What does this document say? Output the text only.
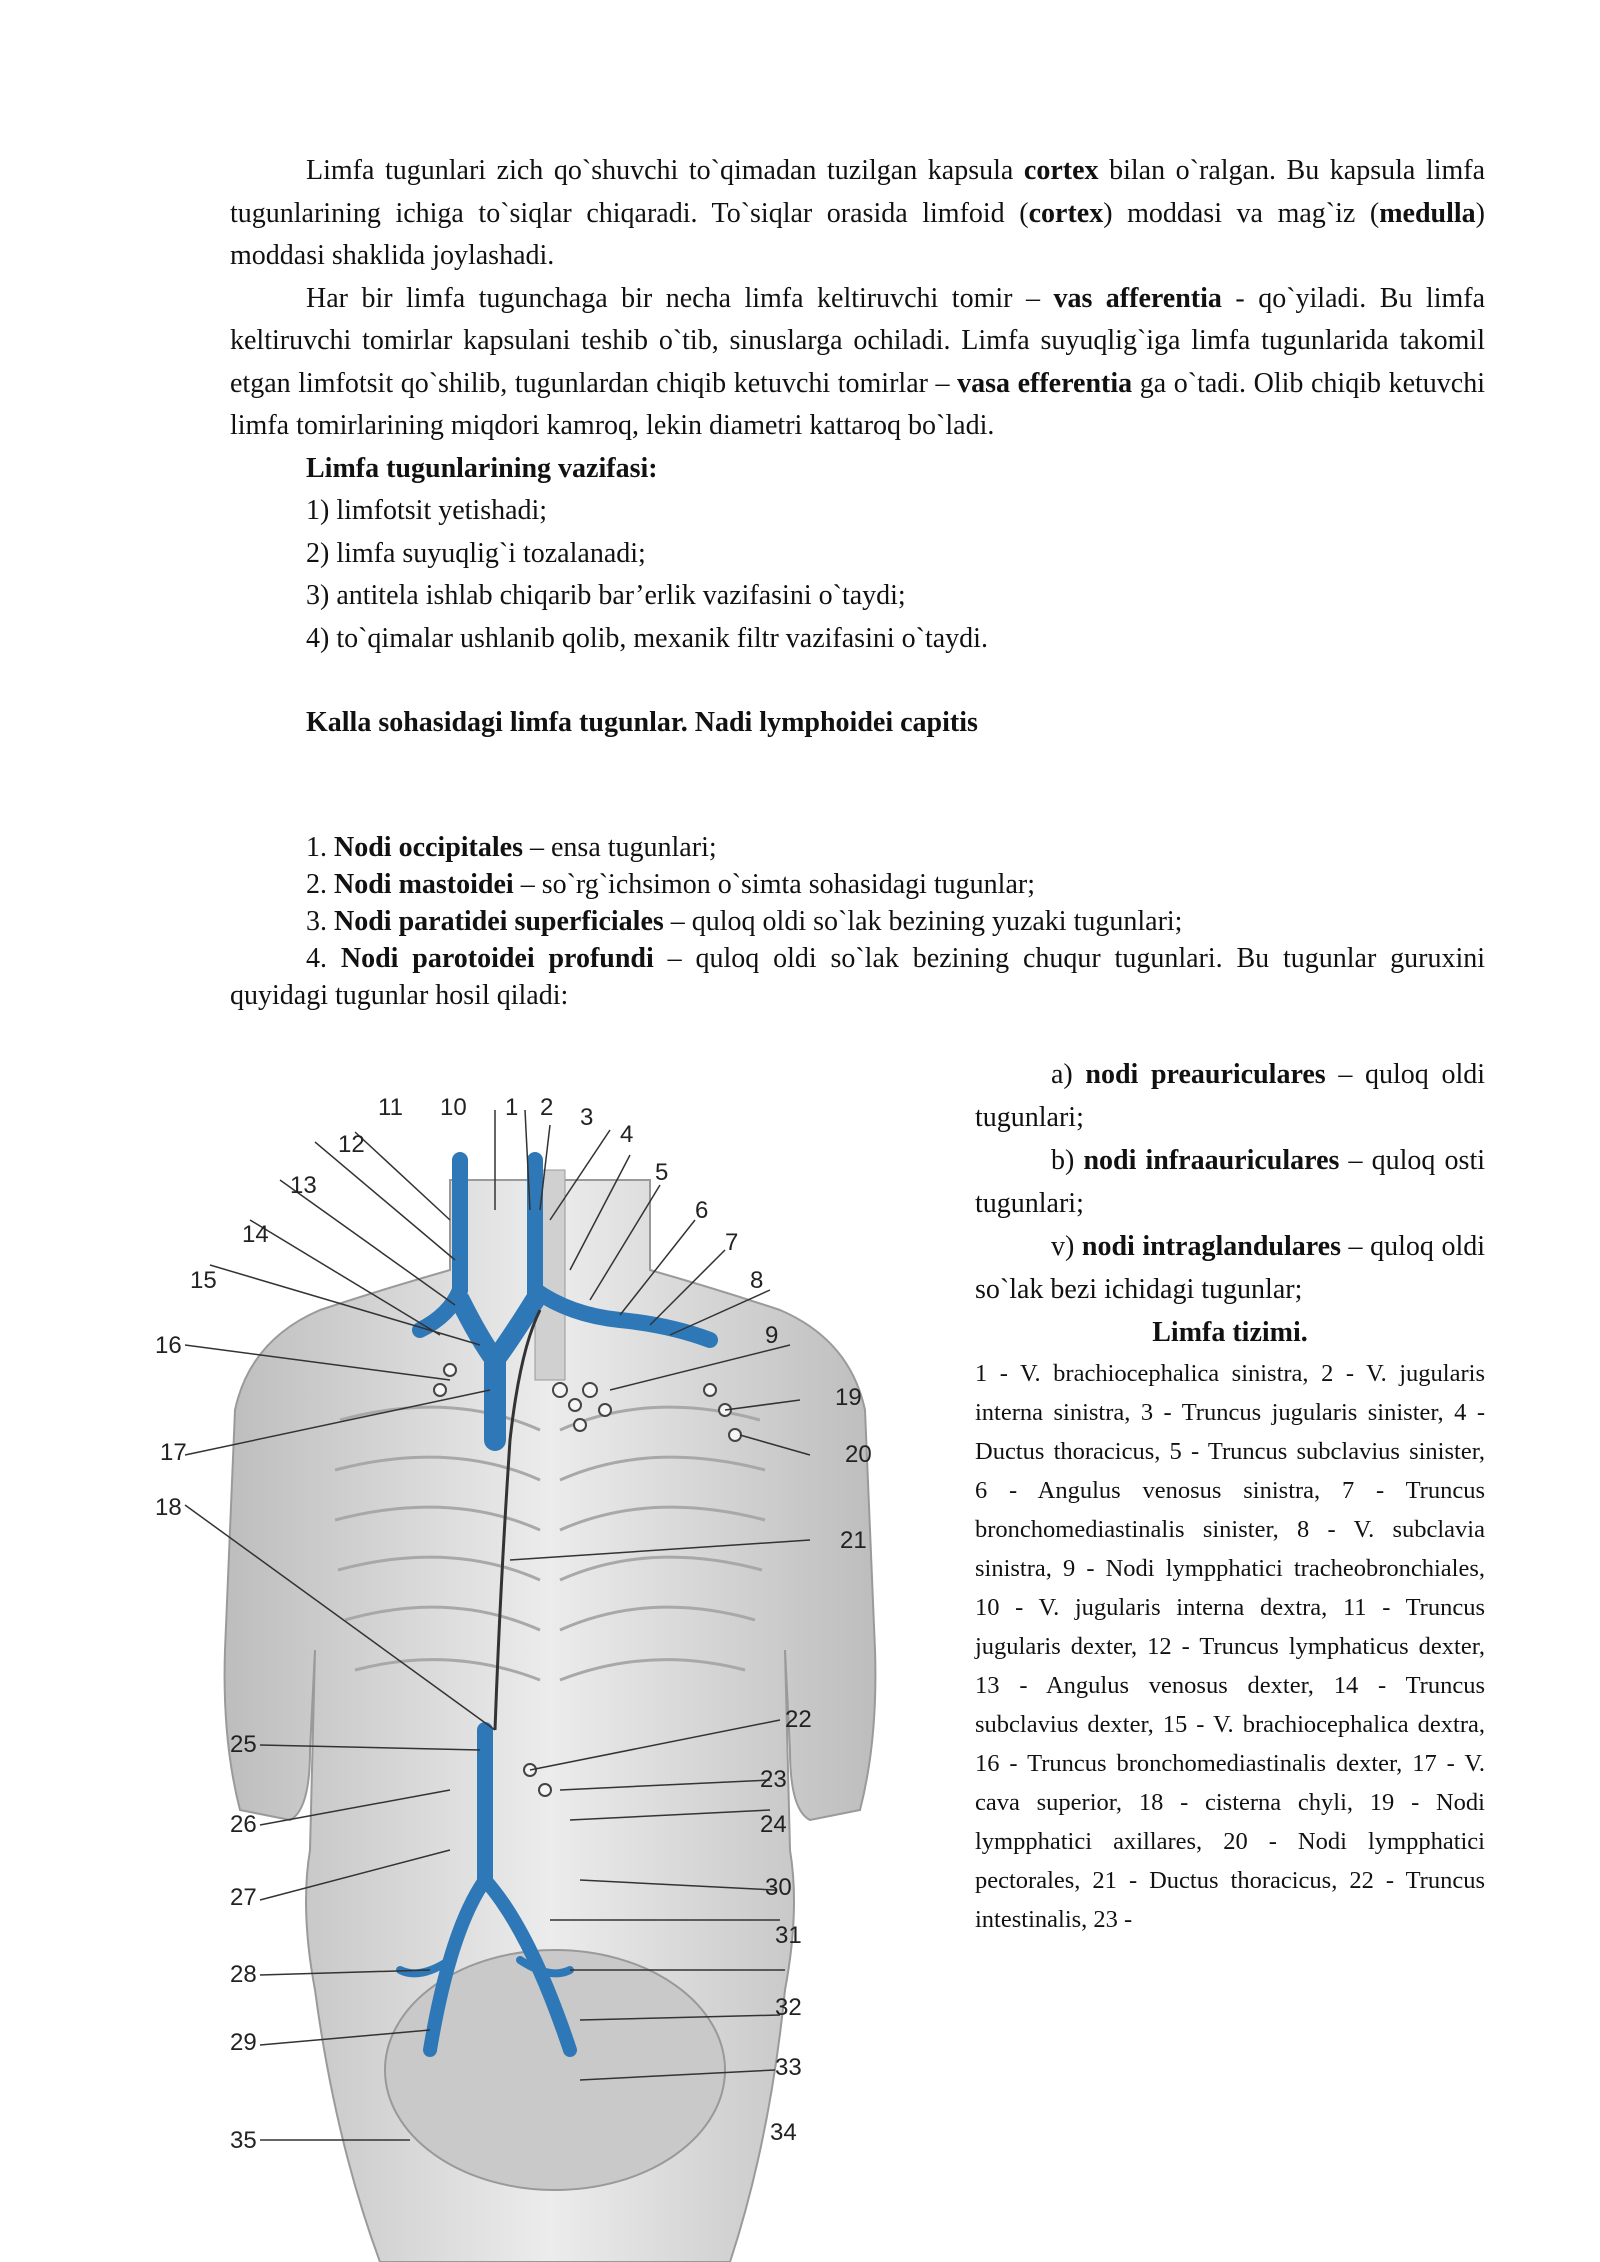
Limfa tugunlari zich qo`shuvchi to`qimadan tuzilgan kapsula cortex bilan o`ralgan. Bu kapsula limfa tugunlarining ichiga to`siqlar chiqaradi. To`siqlar orasida limfoid (cortex) moddasi va mag`iz (medulla) moddasi shaklida joylashadi.

Har bir limfa tugunchaga bir necha limfa keltiruvchi tomir – vas afferentia - qo`yiladi. Bu limfa keltiruvchi tomirlar kapsulani teshib o`tib, sinuslarga ochiladi. Limfa suyuqlig`iga limfa tugunlarida takomil etgan limfotsit qo`shilib, tugunlardan chiqib ketuvchi tomirlar – vasa efferentia ga o`tadi. Olib chiqib ketuvchi limfa tomirlarining miqdori kamroq, lekin diametri kattaroq bo`ladi.

Limfa tugunlarining vazifasi:

1) limfotsit yetishadi;

2) limfa suyuqlig`i tozalanadi;

3) antitela ishlab chiqarib bar’erlik vazifasini o`taydi;

4) to`qimalar ushlanib qolib, mexanik filtr vazifasini o`taydi.

Kalla sohasidagi limfa tugunlar. Nadi lymphoidei capitis

1. Nodi occipitales – ensa tugunlari;

2. Nodi mastoidei – so`rg`ichsimon o`simta sohasidagi tugunlar;

3. Nodi paratidei superficiales – quloq oldi so`lak bezining yuzaki tugunlari;

4. Nodi parotoidei profundi – quloq oldi so`lak bezining chuqur tugunlari. Bu tugunlar guruxini quyidagi tugunlar hosil qiladi:

a) nodi preauriculares – quloq oldi tugunlari;

b) nodi infraauriculares – quloq osti tugunlari;

v) nodi intraglandulares – quloq oldi so`lak bezi ichidagi tugunlar;

Limfa tizimi.

1 - V. brachiocephalica sinistra, 2 - V. jugularis interna sinistra, 3 - Truncus jugularis sinister, 4 - Ductus thoracicus, 5 - Truncus subclavius sinister, 6 - Angulus venosus sinistra, 7 - Truncus bronchomediastinalis sinister, 8 - V. subclavia sinistra, 9 - Nodi lympphatici tracheobronchiales, 10 - V. jugularis interna dextra, 11 - Truncus jugularis dexter, 12 - Truncus lymphaticus dexter, 13 - Angulus venosus dexter, 14 - Truncus subclavius dexter, 15 - V. brachiocephalica dextra, 16 - Truncus bronchomediastinalis dexter, 17 - V. cava superior, 18 - cisterna chyli, 19 - Nodi lympphatici axillares, 20 - Nodi lympphatici pectorales, 21 - Ductus thoracicus, 22 - Truncus intestinalis, 23 -

1 2 3
4
5
6
7
8
9
10
11
12
13
14
15
16
17
18
19
20
21
22
23
24
25
26
27
28
29
30
31
32
33
34
35
